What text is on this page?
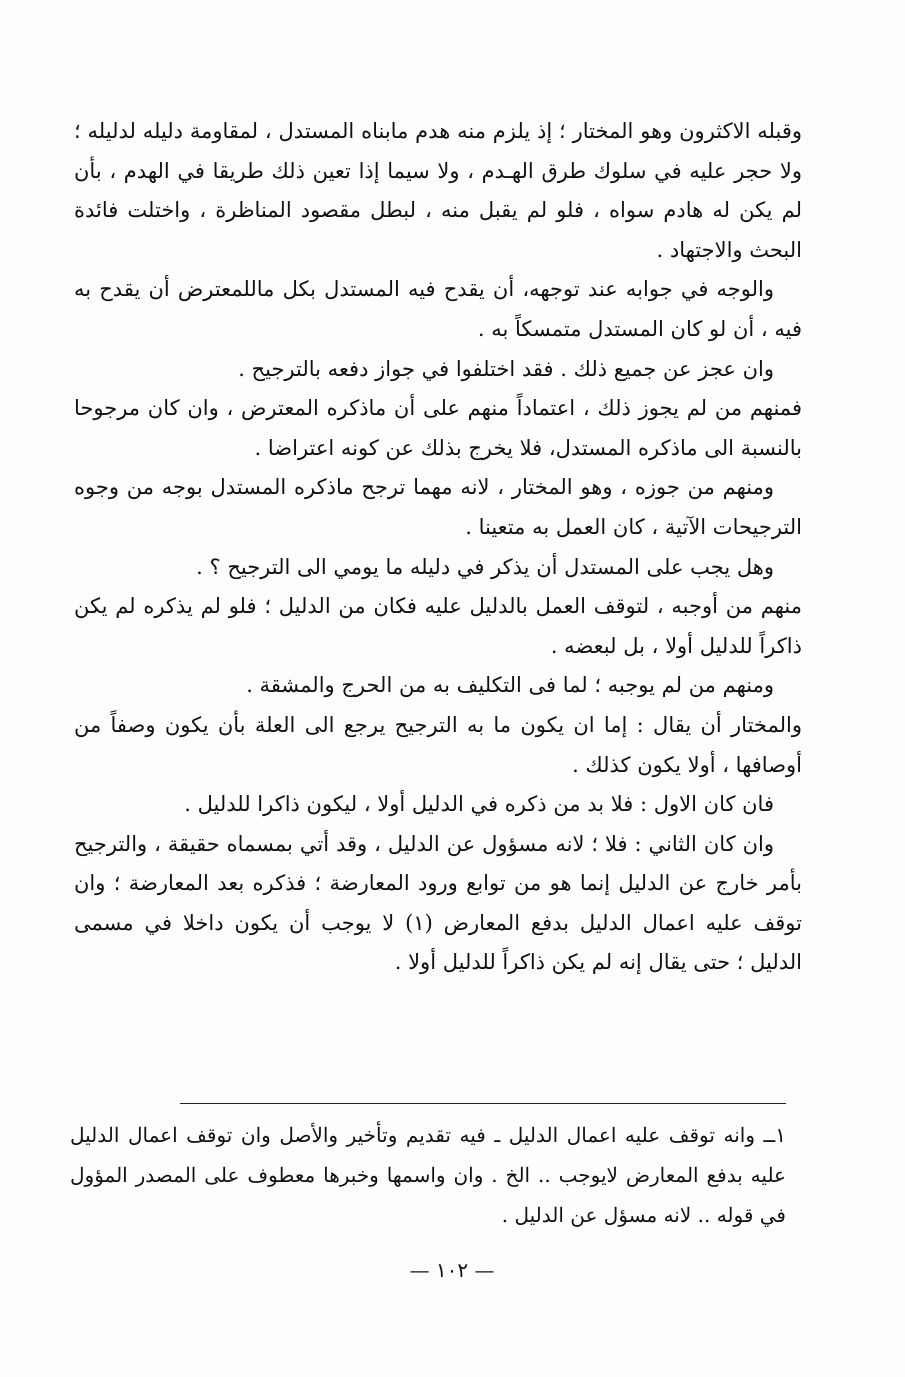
وقبله الاكثرون وهو المختار ؛ إذ يلزم منه هدم مابناه المستدل ، لمقاومة دليله لدليله ؛ ولا حجر عليه في سلوك طرق الهـدم ، ولا سيما إذا تعين ذلك طريقا في الهدم ، بأن لم يكن له هادم سواه ، فلو لم يقبل منه ، لبطل مقصود المناظرة ، واختلت فائدة البحث والاجتهاد .

والوجه في جوابه عند توجهه، أن يقدح فيه المستدل بكل ماللمعترض أن يقدح به فيه ، أن لو كان المستدل متمسكاً به .

وان عجز عن جميع ذلك . فقد اختلفوا في جواز دفعه بالترجيح .

فمنهم من لم يجوز ذلك ، اعتماداً منهم على أن ماذكره المعترض ، وان كان مرجوحا بالنسبة الى ماذكره المستدل، فلا يخرج بذلك عن كونه اعتراضا .

ومنهم من جوزه ، وهو المختار ، لانه مهما ترجح ماذكره المستدل بوجه من وجوه الترجيحات الآتية ، كان العمل به متعينا .

وهل يجب على المستدل أن يذكر في دليله ما يومي الى الترجيح ؟ .

منهم من أوجبه ، لتوقف العمل بالدليل عليه فكان من الدليل ؛ فلو لم يذكره لم يكن ذاكراً للدليل أولا ، بل لبعضه .

ومنهم من لم يوجبه ؛ لما فى التكليف به من الحرج والمشقة .

والمختار أن يقال : إما ان يكون ما به الترجيح يرجع الى العلة بأن يكون وصفاً من أوصافها ، أولا يكون كذلك .

فان كان الاول : فلا بد من ذكره في الدليل أولا ، ليكون ذاكرا للدليل .

وان كان الثاني : فلا ؛ لانه مسؤول عن الدليل ، وقد أتي بمسماه حقيقة ، والترجيح بأمر خارج عن الدليل إنما هو من توابع ورود المعارضة ؛ فذكره بعد المعارضة ؛ وان توقف عليه اعمال الدليل بدفع المعارض (١) لا يوجب أن يكون داخلا في مسمى الدليل ؛ حتى يقال إنه لم يكن ذاكراً للدليل أولا .

١ــ وانه توقف عليه اعمال الدليل ـ فيه تقديم وتأخير والأصل وان توقف اعمال الدليل عليه بدفع المعارض لايوجب .. الخ . وان واسمها وخبرها معطوف على المصدر المؤول في قوله .. لانه مسؤل عن الدليل .

— ١٠٢ —
